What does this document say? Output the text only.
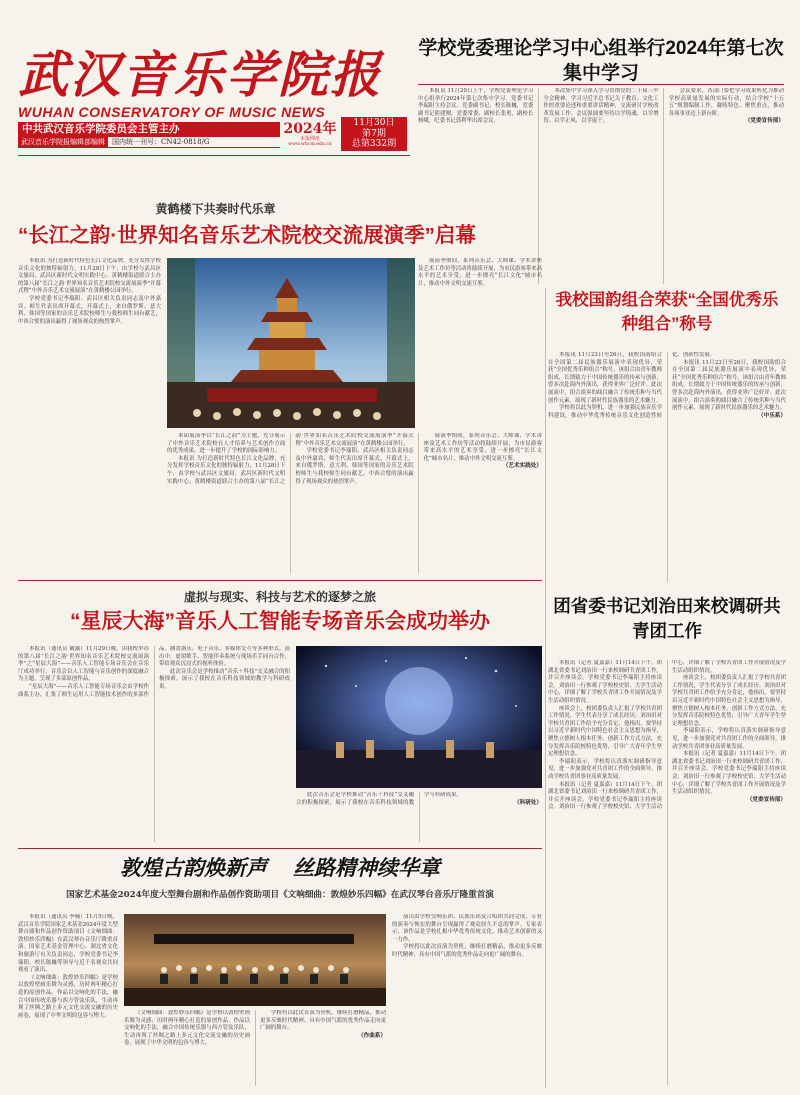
武汉音乐学院报
WUHAN CONSERVATORY OF MUSIC NEWS
中共武汉音乐学院委员会主管主办
武汉音乐学院报编辑部编辑	国内统一刊号：CN42-0818/G
2024年
本报网址
www.whcm.edu.cn
11月30日
第7期
总第332期
学校党委理论学习中心组举行2024年第七次集中学习

本报讯 11月20日上午，学校党委理论学习中心组举行2024年第七次集中学习。党委书记李瑞阳主持会议。党委副书记、校长陈巍，党委副书记熊建刚，党委常委、副校长张勇，副校长杨曦，纪委书记郭利华出席会议。

本次集中学习深入学习贯彻党的二十届三中全会精神，学习习近平总书记关于教育、文化工作的重要论述和重要讲话精神，交流研讨学校改革发展工作。会议强调要坚持以学铸魂、以学增智、以学正风、以学促干。

会议要求，各部门要把学习成果转化为推动学校高质量发展的实际行动，结合学校“十五五”规划编制工作，凝练特色、聚焦重点，推动各项事业迈上新台阶。

（党委宣传部）

黄鹤楼下共奏时代乐章
“长江之韵·世界知名音乐艺术院校交流展演季”启幕

本报讯 为打造新时代特色长江文化品牌，充分发挥学校音乐文化的独特辐射力，11月28日下午，由学校与武昌区文旅局、武昌区新时代文明实践中心、黄鹤楼街道联合主办的第八届“长江之韵·世界知名音乐艺术院校交流展演季”开幕式暨“中外音乐艺术交流展演”在黄鹤楼公园举行。

学校党委书记李瑞阳、武昌区相关负责同志及中外嘉宾、师生代表出席开幕式。开幕式上，来自俄罗斯、意大利、韩国等国家的音乐艺术院校师生与我校师生同台献艺，中西合璧的演出赢得了现场观众的热烈掌声。

展演季期间，系列音乐会、大师课、学术讲座及艺术工作坊等活动将陆续开展，为市民游客带来高水平的艺术享受，进一步擦亮“长江文化”城市名片，推动中外文明交流互鉴。

本届展演季以“长江之韵”为主题，充分展示了中外音乐艺术院校在人才培养与艺术创作方面的优秀成果，进一步提升了学校的国际影响力。

本报讯 为打造新时代特色长江文化品牌，充分发挥学校音乐文化的独特辐射力，11月28日下午，由学校与武昌区文旅局、武昌区新时代文明实践中心、黄鹤楼街道联合主办的第八届“长江之韵·世界知名音乐艺术院校交流展演季”开幕式暨“中外音乐艺术交流展演”在黄鹤楼公园举行。

学校党委书记李瑞阳、武昌区相关负责同志及中外嘉宾、师生代表出席开幕式。开幕式上，来自俄罗斯、意大利、韩国等国家的音乐艺术院校师生与我校师生同台献艺，中西合璧的演出赢得了现场观众的热烈掌声。

展演季期间，系列音乐会、大师课、学术讲座及艺术工作坊等活动将陆续开展，为市民游客带来高水平的艺术享受，进一步擦亮“长江文化”城市名片，推动中外文明交流互鉴。

（艺术实践处）

我校国韵组合荣获“全国优秀乐种组合”称号

本报讯 11月23日至26日，我校国韵组合在全国第二届民族器乐展演中表现优异，荣获“全国优秀乐种组合”称号。该组合由青年教师组成，长期致力于中国传统器乐的传承与创新，曾多次赴海内外演出，获得业界广泛好评。此次展演中，组合演奏的曲目融合了传统乐种与当代创作元素，展现了新时代民族器乐的艺术魅力。

学校将以此为契机，进一步加强民族音乐学科建设，推动中华优秀传统音乐文化创造性转化、创新性发展。

本报讯 11月23日至26日，我校国韵组合在全国第二届民族器乐展演中表现优异，荣获“全国优秀乐种组合”称号。该组合由青年教师组成，长期致力于中国传统器乐的传承与创新，曾多次赴海内外演出，获得业界广泛好评。此次展演中，组合演奏的曲目融合了传统乐种与当代创作元素，展现了新时代民族器乐的艺术魅力。

（中乐系）

虚拟与现实、科技与艺术的逐梦之旅
“星辰大海”音乐人工智能专场音乐会成功举办

本报讯（通讯员 戴露）11月29日晚，由我校举办的第八届“长江之韵·世界知名音乐艺术院校交流展演季”之“星辰大海”——音乐人工智能专场音乐会在音乐厅成功举行。音乐会以人工智能与音乐创作的深度融合为主题，呈现了多部原创作品。

“星辰大海”——音乐人工智能专场音乐会由学校作曲系主办，汇集了师生运用人工智能技术创作的多部作品，涵盖器乐、电子音乐、多媒体交互等多种形式。演出中，虚拟歌手、智能伴奏系统与现场乐手同台合作，带给观众沉浸式的视听体验。

此次音乐会是学校推动“音乐＋科技”交叉融合的积极探索，展示了我校在音乐科技领域的教学与科研成果。

此次音乐会是学校推动“音乐＋科技”交叉融合的积极探索，展示了我校在音乐科技领域的教学与科研成果。

（科研处）

团省委书记刘治田来校调研共青团工作

本报讯（记者 夏嘉嘉）11月14日下午，团湖北省委书记刘治田一行来校调研共青团工作，并召开座谈会。学校党委书记李瑞阳主持座谈会。刘治田一行参观了学校校史馆、大学生活动中心，详细了解了学校共青团工作开展情况及学生活动组织情况。

座谈会上，校团委负责人汇报了学校共青团工作情况，学生代表分享了成长经历。刘治田对学校共青团工作给予充分肯定，他指出，要坚持以习近平新时代中国特色社会主义思想为指导，聚焦立德树人根本任务，创新工作方式方法，充分发挥音乐院校特色优势，引导广大青年学生坚定理想信念。

李瑞阳表示，学校将认真落实调研指导意见，进一步加强党对共青团工作的全面领导，推动学校共青团事业高质量发展。

本报讯（记者 夏嘉嘉）11月14日下午，团湖北省委书记刘治田一行来校调研共青团工作，并召开座谈会。学校党委书记李瑞阳主持座谈会。刘治田一行参观了学校校史馆、大学生活动中心，详细了解了学校共青团工作开展情况及学生活动组织情况。

座谈会上，校团委负责人汇报了学校共青团工作情况，学生代表分享了成长经历。刘治田对学校共青团工作给予充分肯定，他指出，要坚持以习近平新时代中国特色社会主义思想为指导，聚焦立德树人根本任务，创新工作方式方法，充分发挥音乐院校特色优势，引导广大青年学生坚定理想信念。

李瑞阳表示，学校将认真落实调研指导意见，进一步加强党对共青团工作的全面领导，推动学校共青团事业高质量发展。

本报讯（记者 夏嘉嘉）11月14日下午，团湖北省委书记刘治田一行来校调研共青团工作，并召开座谈会。学校党委书记李瑞阳主持座谈会。刘治田一行参观了学校校史馆、大学生活动中心，详细了解了学校共青团工作开展情况及学生活动组织情况。

（党委宣传部）

敦煌古韵焕新声 丝路精神续华章
国家艺术基金2024年度大型舞台剧和作品创作资助项目《文响细曲：敦煌妙乐四幅》在武汉琴台音乐厅隆重首演

本报讯（通讯员 李楠）11月5日晚，武汉音乐学院国家艺术基金2024年度大型舞台剧和作品创作资助项目《文响细曲：敦煌妙乐四幅》在武汉琴台音乐厅隆重首演。国家艺术基金管理中心、湖北省文化和旅游厅有关负责同志，学校党委书记李瑞阳，校长陈巍等领导与近千名观众共同观看了演出。

《文响细曲：敦煌妙乐四幅》是学校以敦煌壁画乐舞为灵感，历时两年精心打造的原创作品。作品以交响化的手法，融合中国传统乐器与西方管弦乐队，生动再现了丝绸之路上多元文化交流交融的历史画卷，展现了中华文明的包容与博大。

演出由学校交响乐团、民族乐团及合唱团共同完成，专业的演奏与恢宏的舞台呈现赢得了观众经久不息的掌声。专家表示，该作品是学校扎根中华优秀传统文化、推动艺术创新的又一力作。

学校将以此次首演为契机，继续打磨精品，推动更多反映时代精神、具有中国气派的优秀作品走向更广阔的舞台。

《文响细曲：敦煌妙乐四幅》是学校以敦煌壁画乐舞为灵感，历时两年精心打造的原创作品。作品以交响化的手法，融合中国传统乐器与西方管弦乐队，生动再现了丝绸之路上多元文化交流交融的历史画卷，展现了中华文明的包容与博大。

学校将以此次首演为契机，继续打磨精品，推动更多反映时代精神、具有中国气派的优秀作品走向更广阔的舞台。

（作曲系）
